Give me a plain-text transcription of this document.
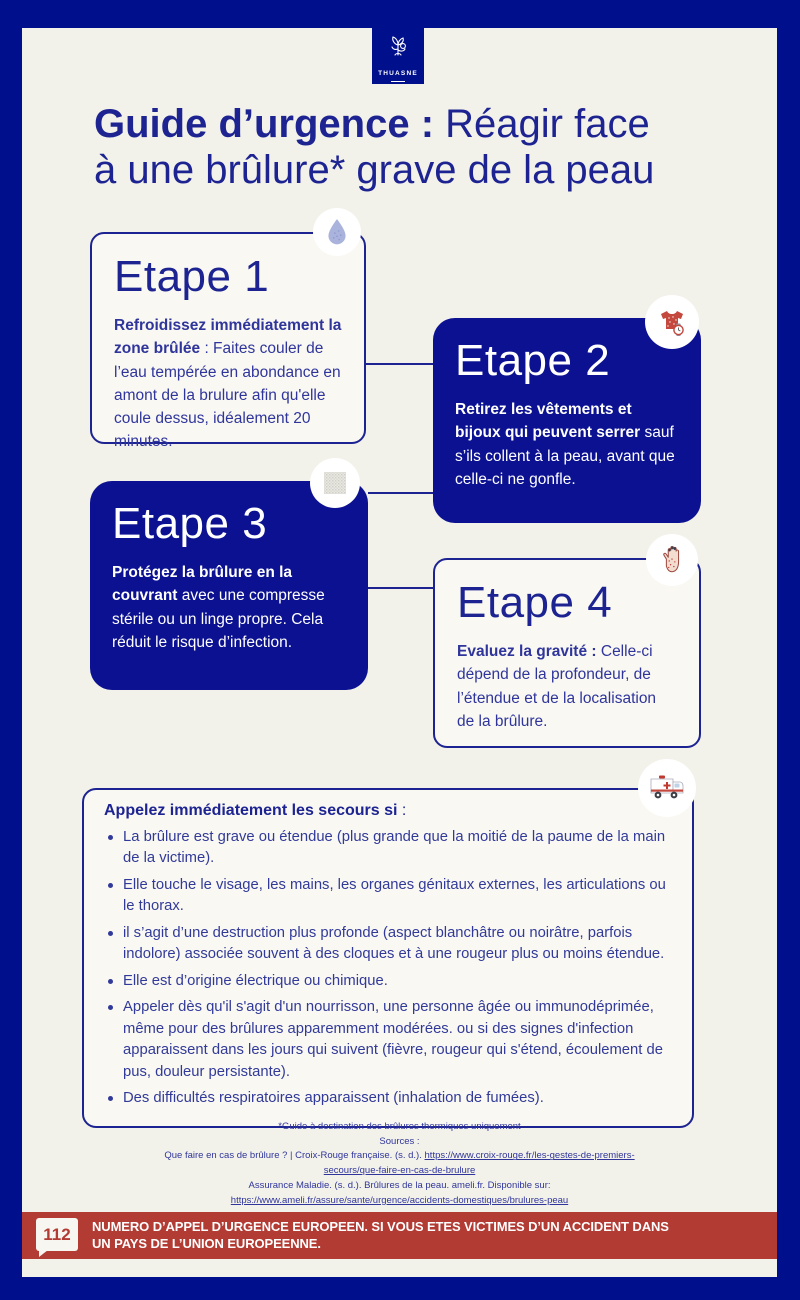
THUASNE
Guide d’urgence : Réagir face
à une brûlure* grave de la peau
Etape 1
Refroidissez immédiatement la zone brûlée : Faites couler de l’eau tempérée en abondance en amont de la brulure afin qu'elle coule dessus, idéalement 20 minutes.
Etape 2
Retirez les vêtements et bijoux qui peuvent serrer sauf s’ils collent à la peau, avant que celle-ci ne gonfle.
Etape 3
Protégez la brûlure en la couvrant avec une compresse stérile ou un linge propre. Cela réduit le risque d’infection.
Etape 4
Evaluez la gravité : Celle-ci dépend de la profondeur, de l’étendue et de la localisation de la brûlure.
Appelez immédiatement les secours si :
La brûlure est grave ou étendue (plus grande que la moitié de la paume de la main de la victime).
Elle touche le visage, les mains, les organes génitaux externes, les articulations ou le thorax.
il s’agit d’une destruction plus profonde (aspect blanchâtre ou noirâtre, parfois indolore) associée souvent à des cloques et à une rougeur plus ou moins étendue.
Elle est d’origine électrique ou chimique.
Appeler dès qu'il s'agit d'un nourrisson, une personne âgée ou immunodéprimée, même pour des brûlures apparemment modérées. ou si des signes d'infection apparaissent dans les jours qui suivent (fièvre, rougeur qui s'étend, écoulement de pus, douleur persistante).
Des difficultés respiratoires apparaissent (inhalation de fumées).
*Guide à destination des brûlures thermiques uniquement
Sources :
Que faire en cas de brûlure ? | Croix-Rouge française. (s. d.). https://www.croix-rouge.fr/les-gestes-de-premiers-
secours/que-faire-en-cas-de-brulure
Assurance Maladie. (s. d.). Brûlures de la peau. ameli.fr. Disponible sur:
https://www.ameli.fr/assure/sante/urgence/accidents-domestiques/brulures-peau
112	NUMERO D’APPEL D’URGENCE EUROPEEN. SI VOUS ETES VICTIMES D’UN ACCIDENT DANS
UN PAYS DE L’UNION EUROPEENNE.
